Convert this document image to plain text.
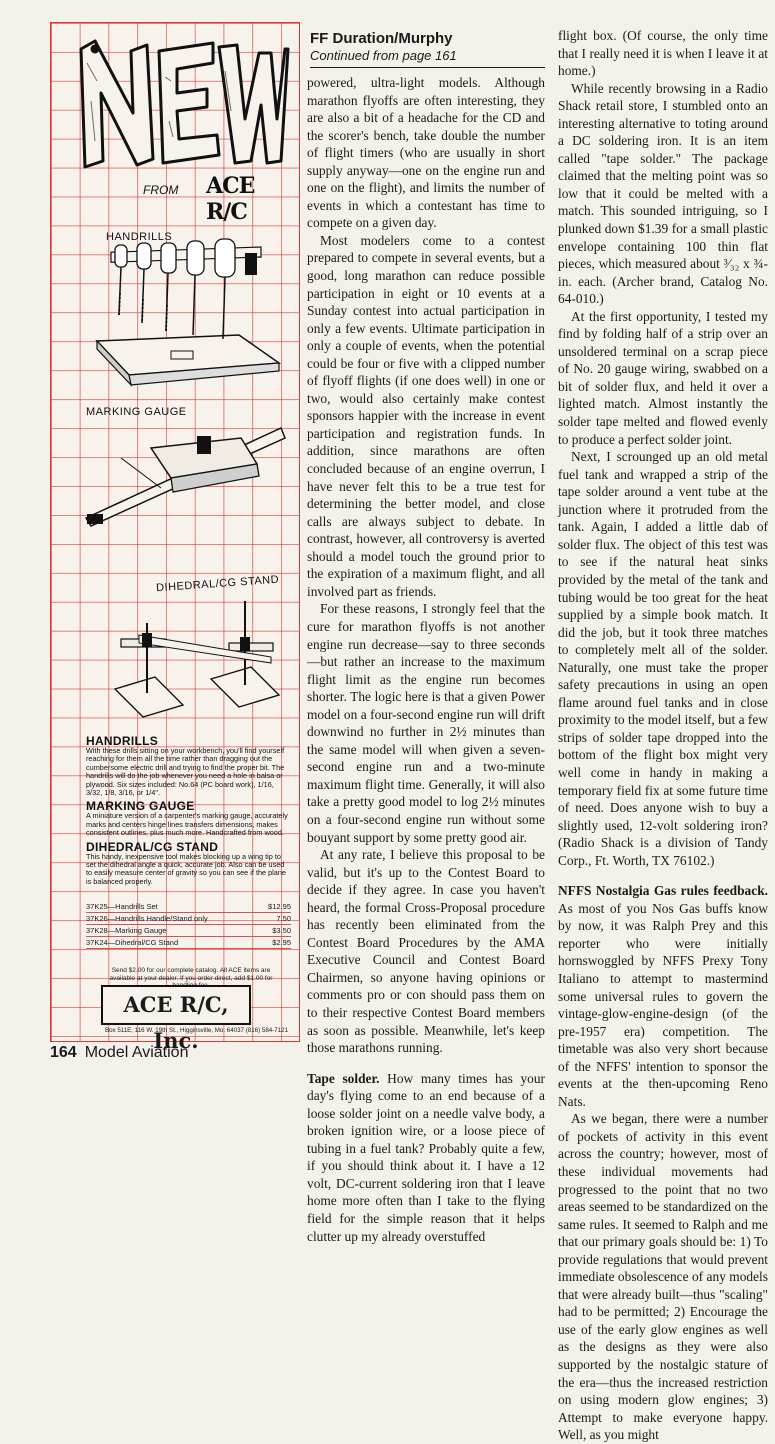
FROM ACE R/C
HANDRILLS
MARKING GAUGE
DIHEDRAL/CG STAND
HANDRILLS

With these drills sitting on your workbench, you'll find yourself reaching for them all the time rather than dragging out the cumbersome electric drill and trying to find the proper bit. The handrills will do the job whenever you need a hole in balsa or plywood. Six sizes included: No.64 (PC board work), 1/16, 3/32, 1/8, 3/16, or 1/4".

MARKING GAUGE

A miniature version of a carpenter's marking gauge, accurately marks and centers hinge lines transfers dimensions, makes consistent outlines, plus much more. Handcrafted from wood.

DIHEDRAL/CG STAND

This handy, inexpensive tool makes blocking up a wing tip to set the dihedral angle a quick, accurate job. Also can be used to easily measure center of gravity so you can see if the plane is balanced properly.

37K25—Handrills Set	$12.95
37K26—Handrills Handle/Stand only	7.50
37K28—Marking Gauge	$3.50
37K24—Dihedral/CG Stand	$2.95
Send $2.00 for our complete catalog. All ACE items are available at your dealer. If you order direct, add $1.00 for
ACE R/C, Inc.
Box 511E, 116 W. 19th St., Higginsville, Mo. 64037 (816) 584-7121
FF Duration/Murphy
Continued from page 161

powered, ultra-light models. Although marathon flyoffs are often interesting, they are also a bit of a headache for the CD and the scorer's bench, take double the number of flight timers (who are usually in short supply anyway—one on the engine run and one on the flight), and limits the number of events in which a contestant has time to compete on a given day.

Most modelers come to a contest prepared to compete in several events, but a good, long marathon can reduce possible participation in eight or 10 events at a Sunday contest into actual participation in only a few events. Ultimate participation in only a couple of events, when the potential could be four or five with a clipped number of flyoff flights (if one does well) in one or two, would also certainly make contest sponsors happier with the increase in event participation and registration funds. In addition, since marathons are often concluded because of an engine overrun, I have never felt this to be a true test for determining the better model, and close calls are always subject to debate. In contrast, however, all controversy is averted should a model touch the ground prior to the expiration of a maximum flight, and all involved part as friends.

For these reasons, I strongly feel that the cure for marathon flyoffs is not another engine run decrease—say to three seconds—but rather an increase to the maximum flight limit as the engine run becomes shorter. The logic here is that a given Power model on a four-second engine run will drift downwind no further in 2½ minutes than the same model will when given a seven-second engine run and a two-minute maximum flight time. Generally, it will also take a pretty good model to log 2½ minutes on a four-second engine run without some bouyant support by some pretty good air.

At any rate, I believe this proposal to be valid, but it's up to the Contest Board to decide if they agree. In case you haven't heard, the formal Cross-Proposal procedure has recently been eliminated from the Contest Board Procedures by the AMA Executive Council and Contest Board Chairmen, so anyone having opinions or comments pro or con should pass them on to their respective Contest Board members as soon as possible. Meanwhile, let's keep those marathons running.

Tape solder. How many times has your day's flying come to an end because of a loose solder joint on a needle valve body, a broken ignition wire, or a loose piece of tubing in a fuel tank? Probably quite a few, if you should think about it. I have a 12 volt, DC-current soldering iron that I leave home more often than I take to the flying field for the simple reason that it helps clutter up my already overstuffed

flight box. (Of course, the only time that I really need it is when I leave it at home.)

While recently browsing in a Radio Shack retail store, I stumbled onto an interesting alternative to toting around a DC soldering iron. It is an item called "tape solder." The package claimed that the melting point was so low that it could be melted with a match. This sounded intriguing, so I plunked down $1.39 for a small plastic envelope containing 100 thin flat pieces, which measured about ³⁄₃₂ x ¾-in. each. (Archer brand, Catalog No. 64-010.)

At the first opportunity, I tested my find by folding half of a strip over an unsoldered terminal on a scrap piece of No. 20 gauge wiring, swabbed on a bit of solder flux, and held it over a lighted match. Almost instantly the solder tape melted and flowed evenly to produce a perfect solder joint.

Next, I scrounged up an old metal fuel tank and wrapped a strip of the tape solder around a vent tube at the junction where it protruded from the tank. Again, I added a little dab of solder flux. The object of this test was to see if the natural heat sinks provided by the metal of the tank and tubing would be too great for the heat supplied by a simple book match. It did the job, but it took three matches to completely melt all of the solder. Naturally, one must take the proper safety precautions in using an open flame around fuel tanks and in close proximity to the model itself, but a few strips of solder tape dropped into the bottom of the flight box might very well come in handy in making a temporary field fix at some future time of need. Does anyone wish to buy a slightly used, 12-volt soldering iron? (Radio Shack is a division of Tandy Corp., Ft. Worth, TX 76102.)

NFFS Nostalgia Gas rules feedback. As most of you Nos Gas buffs know by now, it was Ralph Prey and this reporter who were initially hornswoggled by NFFS Prexy Tony Italiano to attempt to mastermind some universal rules to govern the vintage-glow-engine-design (of the pre-1957 era) competition. The timetable was also very short because of the NFFS' intention to sponsor the events at the then-upcoming Reno Nats.

As we began, there were a number of pockets of activity in this event across the country; however, most of these individual movements had progressed to the point that no two areas seemed to be standardized on the same rules. It seemed to Ralph and me that our primary goals should be: 1) To provide regulations that would prevent immediate obsolescence of any models that were already built—thus "scaling" had to be permitted; 2) Encourage the use of the early glow engines as well as the designs as they were also supported by the nostalgic stature of the era—thus the increased restriction on using modern glow engines; 3) Attempt to make everyone happy. Well, as you might

164 Model Aviation
